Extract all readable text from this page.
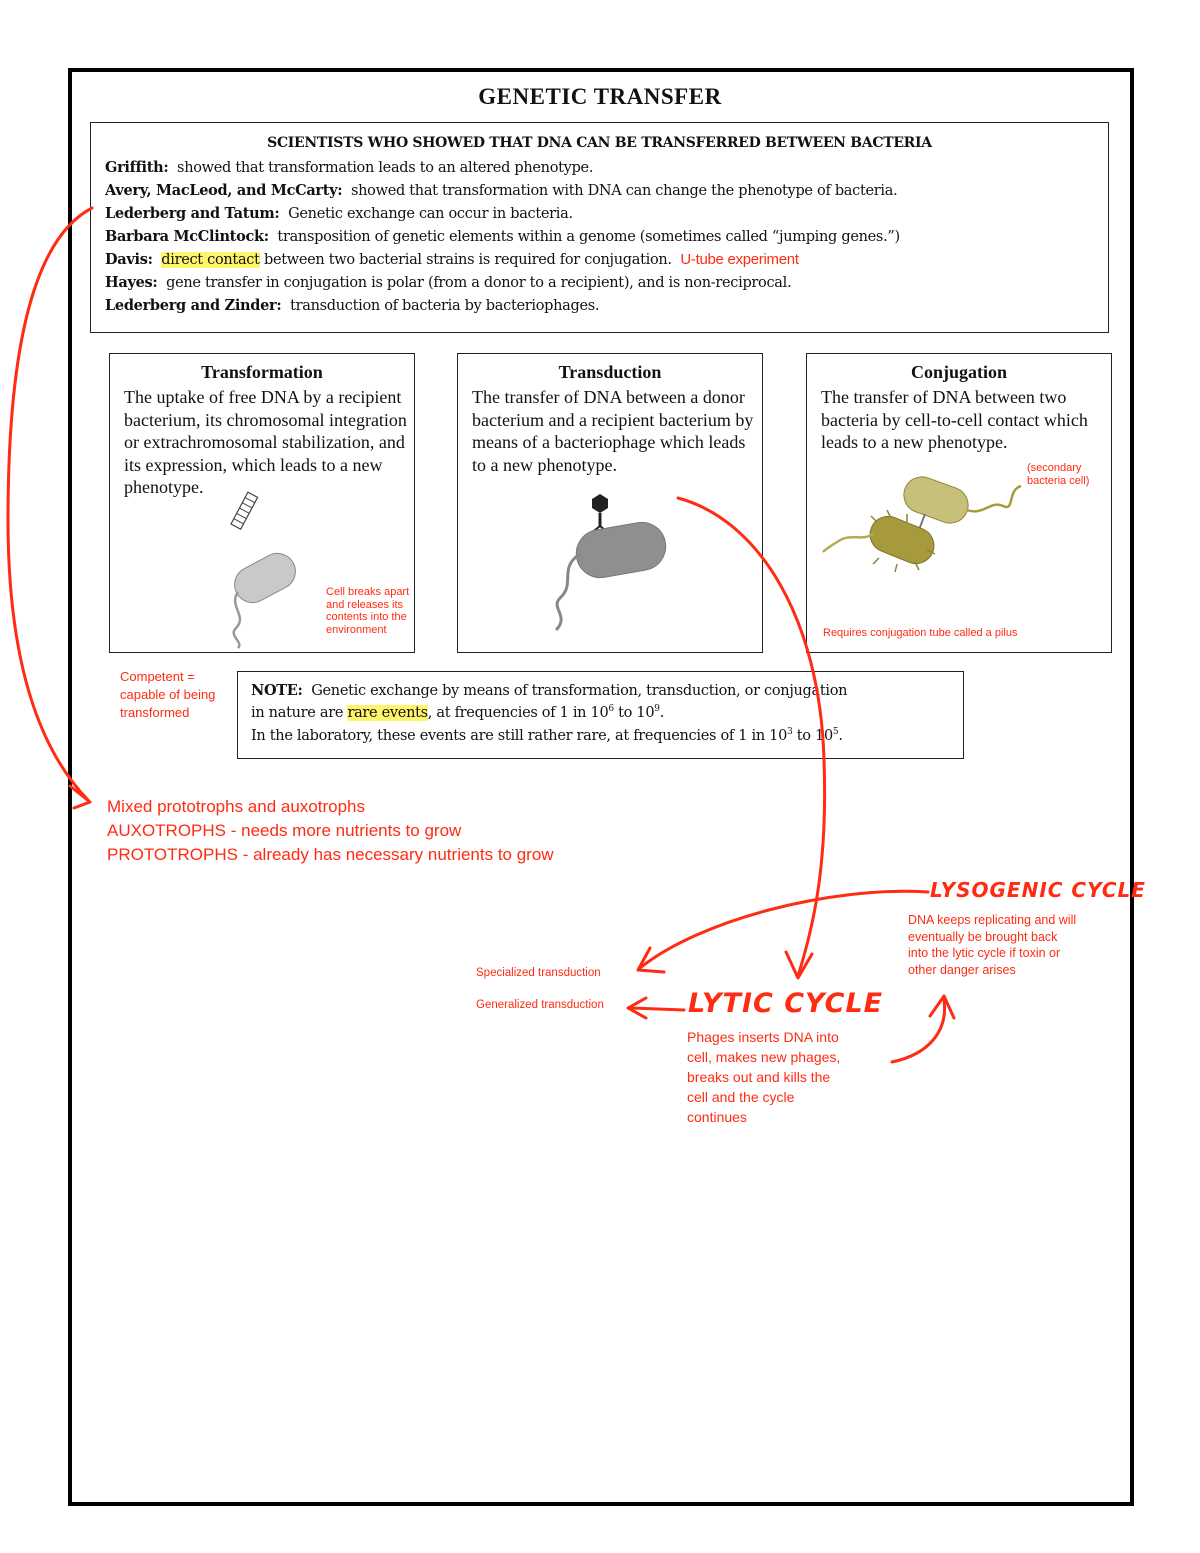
GENETIC TRANSFER
SCIENTISTS WHO SHOWED THAT DNA CAN BE TRANSFERRED BETWEEN BACTERIA
Griffith: showed that transformation leads to an altered phenotype.
Avery, MacLeod, and McCarty: showed that transformation with DNA can change the phenotype of bacteria.
Lederberg and Tatum: Genetic exchange can occur in bacteria.
Barbara McClintock: transposition of genetic elements within a genome (sometimes called “jumping genes.”)
Davis: direct contact between two bacterial strains is required for conjugation. U-tube experiment
Hayes: gene transfer in conjugation is polar (from a donor to a recipient), and is non-reciprocal.
Lederberg and Zinder: transduction of bacteria by bacteriophages.
Transformation
The uptake of free DNA by a recipient bacterium, its chromosomal integration or extrachromosomal stabilization, and its expression, which leads to a new phenotype.
Cell breaks apart and releases its contents into the environment
Transduction
The transfer of DNA between a donor bacterium and a recipient bacterium by means of a bacteriophage which leads to a new phenotype.
Conjugation
The transfer of DNA between two bacteria by cell-to-cell contact which leads to a new phenotype.
(secondary bacteria cell)
Requires conjugation tube called a pilus
Competent =
capable of being
transformed
NOTE: Genetic exchange by means of transformation, transduction, or conjugation
in nature are rare events, at frequencies of 1 in $10^6$ to $10^9$.
In the laboratory, these events are still rather rare, at frequencies of 1 in $10^3$ to $10^5$.
Mixed prototrophs and auxotrophs
AUXOTROPHS - needs more nutrients to grow
PROTOTROPHS - already has necessary nutrients to grow
LYSOGENIC CYCLE
DNA keeps replicating and will
eventually be brought back
into the lytic cycle if toxin or
other danger arises
Specialized transduction
Generalized transduction	LYTIC CYCLE
Phages inserts DNA into
cell, makes new phages,
breaks out and kills the
cell and the cycle
continues
